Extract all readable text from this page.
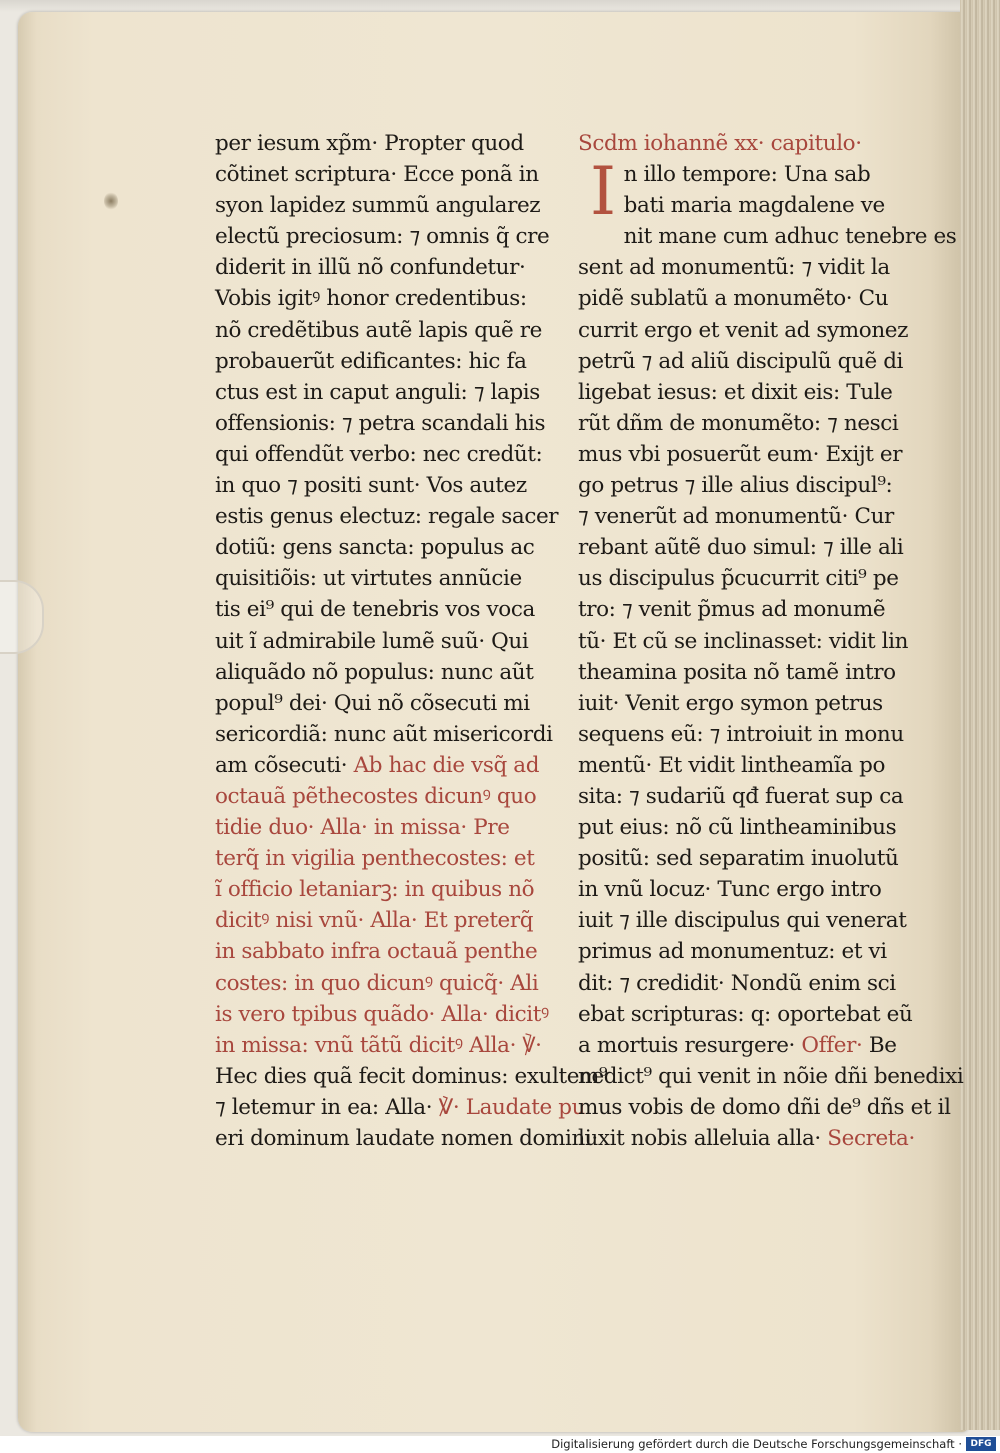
per iesum xp̃m· Propter quod
cõtinet scriptura· Ecce ponã in
syon lapidez summũ angularez
electũ preciosum: ⁊ omnis q̃ cre
diderit in illũ nõ confundetur·
Vobis igitꝰ honor credentibus:
nõ credẽtibus autẽ lapis quẽ re
probauerũt edificantes: hic fa
ctus est in caput anguli: ⁊ lapis
offensionis: ⁊ petra scandali his
qui offendũt verbo: nec credũt:
in quo ⁊ positi sunt· Vos autez
estis genus electuz: regale sacer
dotiũ: gens sancta: populus ac
quisitiõis: ut virtutes annũcie
tis ei⁹ qui de tenebris vos voca
uit ĩ admirabile lumẽ suũ· Qui
aliquãdo nõ populus: nunc aũt
popul⁹ dei· Qui nõ cõsecuti mi
sericordiã: nunc aũt misericordi
am cõsecuti· Ab hac die vsq̃ ad
octauã pẽthecostes dicunꝰ quo
tidie duo· Alla· in missa· Pre
terq̃ in vigilia penthecostes: et
ĩ officio letaniarꝫ: in quibus nõ
dicitꝰ nisi vnũ· Alla· Et preterq̃
in sabbato infra octauã penthe
costes: in quo dicunꝰ quicq̃· Ali
is vero tpibus quãdo· Alla· dicitꝰ
in missa: vnũ tãtũ dicitꝰ Alla· ℣·
Hec dies quã fecit dominus: exultem⁹
⁊ letemur in ea: Alla· ℣· Laudate pu
eri dominum laudate nomen domini·
Scdm iohannẽ xx· capitulo·
I n illo tempore: Una sab
bati maria magdalene ve
nit mane cum adhuc tenebre es
sent ad monumentũ: ⁊ vidit la
pidẽ sublatũ a monumẽto· Cu
currit ergo et venit ad symonez
petrũ ⁊ ad aliũ discipulũ quẽ di
ligebat iesus: et dixit eis: Tule
rũt dñm de monumẽto: ⁊ nesci
mus vbi posuerũt eum· Exijt er
go petrus ⁊ ille alius discipul⁹:
⁊ venerũt ad monumentũ· Cur
rebant aũtẽ duo simul: ⁊ ille ali
us discipulus p̃cucurrit citi⁹ pe
tro: ⁊ venit p̃mus ad monumẽ
tũ· Et cũ se inclinasset: vidit lin
theamina posita nõ tamẽ intro
iuit· Venit ergo symon petrus
sequens eũ: ⁊ introiuit in monu
mentũ· Et vidit lintheamĩa po
sita: ⁊ sudariũ qđ fuerat sup ca
put eius: nõ cũ lintheaminibus
positũ: sed separatim inuolutũ
in vnũ locuz· Tunc ergo intro
iuit ⁊ ille discipulus qui venerat
primus ad monumentuz: et vi
dit: ⁊ credidit· Nondũ enim sci
ebat scripturas: q: oportebat eũ
a mortuis resurgere· Offer· Be
nedict⁹ qui venit in nõie dñi benedixi
mus vobis de domo dñi de⁹ dñs et il
luxit nobis alleluia alla· Secreta·
Digitalisierung gefördert durch die Deutsche Forschungsgemeinschaft · DFG
